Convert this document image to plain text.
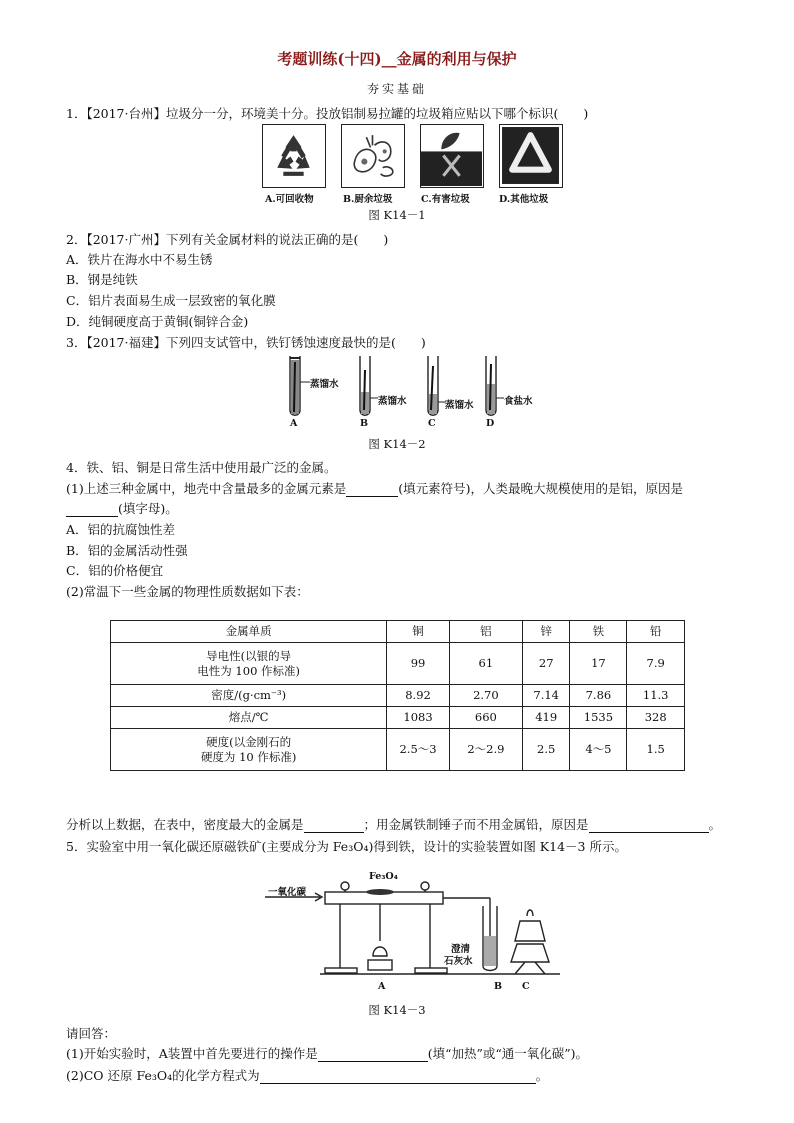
考题训练(十四)__金属的利用与保护
夯实基础
1．【2017·台州】垃圾分一分，环境美十分。投放铝制易拉罐的垃圾箱应贴以下哪个标识(　　)
A.可回收物	B.厨余垃圾	C.有害垃圾	D.其他垃圾
图 K14－1
2．【2017·广州】下列有关金属材料的说法正确的是(　　)
A．铁片在海水中不易生锈
B．钢是纯铁
C．铝片表面易生成一层致密的氧化膜
D．纯铜硬度高于黄铜(铜锌合金)
3．【2017·福建】下列四支试管中，铁钉锈蚀速度最快的是(　　)
蒸馏水
蒸馏水	蒸馏水	食盐水
A	B	C	D
图 K14－2
4．铁、铝、铜是日常生活中使用最广泛的金属。
(1)上述三种金属中，地壳中含量最多的金属元素是	(填元素符号)，人类最晚大规模使用的是铝，原因是
(填字母)。
A．铝的抗腐蚀性差
B．铝的金属活动性强
C．铝的价格便宜
(2)常温下一些金属的物理性质数据如下表：
金属单质	铜	铝	锌	铁	铅

导电性(以银的导
电性为 100 作标准)	99	61	27	17	7.9
密度/(g·cm⁻³)	8.92	2.70	7.14	7.86	11.3
熔点/℃	1083	660	419	1535	328

硬度(以金刚石的
硬度为 10 作标准)	2.5～3	2～2.9	2.5	4～5	1.5
分析以上数据，在表中，密度最大的金属是	；用金属铁制锤子而不用金属铅，原因是	。
5．实验室中用一氧化碳还原磁铁矿(主要成分为 Fe₃O₄)得到铁，设计的实验装置如图 K14－3 所示。
一氧化碳
Fe₃O₄
澄清
石灰水
A	B C
图 K14－3
请回答：
(1)开始实验时，A装置中首先要进行的操作是	(填“加热”或“通一氧化碳”)。
(2)CO 还原 Fe₃O₄的化学方程式为	。
